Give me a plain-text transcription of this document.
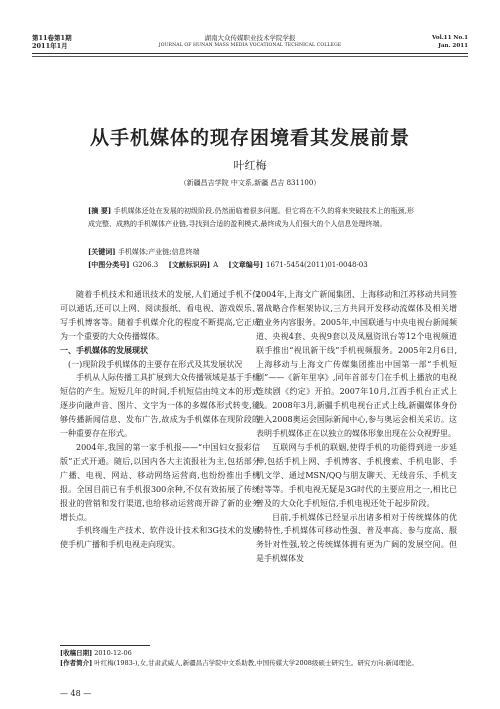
第11卷第1期
2011年1月
湖南大众传媒职业技术学院学报
JOURNAL OF HUNAN MASS MEDIA VOCATIONAL TECHNICAL COLLEGE
Vol.11 No.1
Jan. 2011
从手机媒体的现存困境看其发展前景
叶红梅
（新疆昌吉学院 中文系,新疆 昌吉 831100）
[摘 要] 手机媒体还处在发展的初级阶段,仍然面临着很多问题。但它将在不久的将来突破技术上的瓶颈,形成完整、成熟的手机媒体产业链,寻找到合适的盈利模式,最终成为人们强大的个人信息处理终端。
[关键词] 手机媒体;产业链;信息终端
[中图分类号] G206.3 [文献标识码] A [文章编号] 1671-5454(2011)01-0048-03

随着手机技术和通讯技术的发展,人们通过手机不仅可以通话,还可以上网、阅读报纸、看电视、游戏娱乐、写手机博客等。随着手机媒介化的程度不断提高,它正成为一个重要的大众传播媒体。

一、手机媒体的发展现状

(一)现阶段手机媒体的主要存在形式及其发展状况

手机从人际传播工具扩展到大众传播领域是基于手机短信的产生。短短几年的时间,手机短信由纯文本的形式逐步向融声音、图片、文字为一体的多媒体形式转变,能够传播新闻信息、发布广告,故成为手机媒体在现阶段的一种重要存在形式。

2004年,我国的第一家手机报——“中国妇女报彩信版”正式开通。随后,以国内各大主流报社为主,包括部分广播、电视、网站、移动网络运营商,也纷纷推出手机报。全国目前已有手机报300余种,不仅有效拓展了传统报业的营销和发行渠道,也给移动运营商开辟了新的业务增长点。

手机终端生产技术、软件设计技术和3G技术的发展使手机广播和手机电视走向现实。

2004年,上海文广新闻集团、上海移动和江苏移动共同签署战略合作框架协议,三方共同开发移动流媒体及相关增值业务内容服务。2005年,中国联通与中央电视台新闻频道、央视4套、央视9套以及凤凰资讯台等12个电视频道联手推出“视讯新干线”手机视频服务。2005年2月6日,上海移动与上海文广传媒集团推出中国第一部“手机短剧”——《新年里享》,同年首部专门在手机上播放的电视连续剧《约定》开拍。2007年10月,江西手机台正式上线。2008年3月,新疆手机电视台正式上线,新疆媒体身份进入2008奥运会国际新闻中心,参与奥运会相关采访。这表明手机媒体正在以独立的媒体形象出现在公众视野里。

互联网与手机的联姻,使得手机的功能得到进一步延伸,包括手机上网、手机博客、手机搜索、手机电影、手机文学、通过MSN/QQ与朋友聊天、无线音乐、手机支付等等。手机电视无疑是3G时代的主要应用之一,相比已普及的大众化手机短信,手机电视还处于起步阶段。

目前,手机媒体已经显示出诸多相对于传统媒体的优势特性,手机媒体可移动性强、普及率高、参与度高、服务针对性强,较之传统媒体拥有更为广阔的发展空间。但是手机媒体发

[收稿日期] 2010-12-06
[作者简介] 叶红梅(1983-),女,甘肃武威人,新疆昌吉学院中文系助教,中国传媒大学2008级硕士研究生。研究方向:新闻理论。
— 48 —
